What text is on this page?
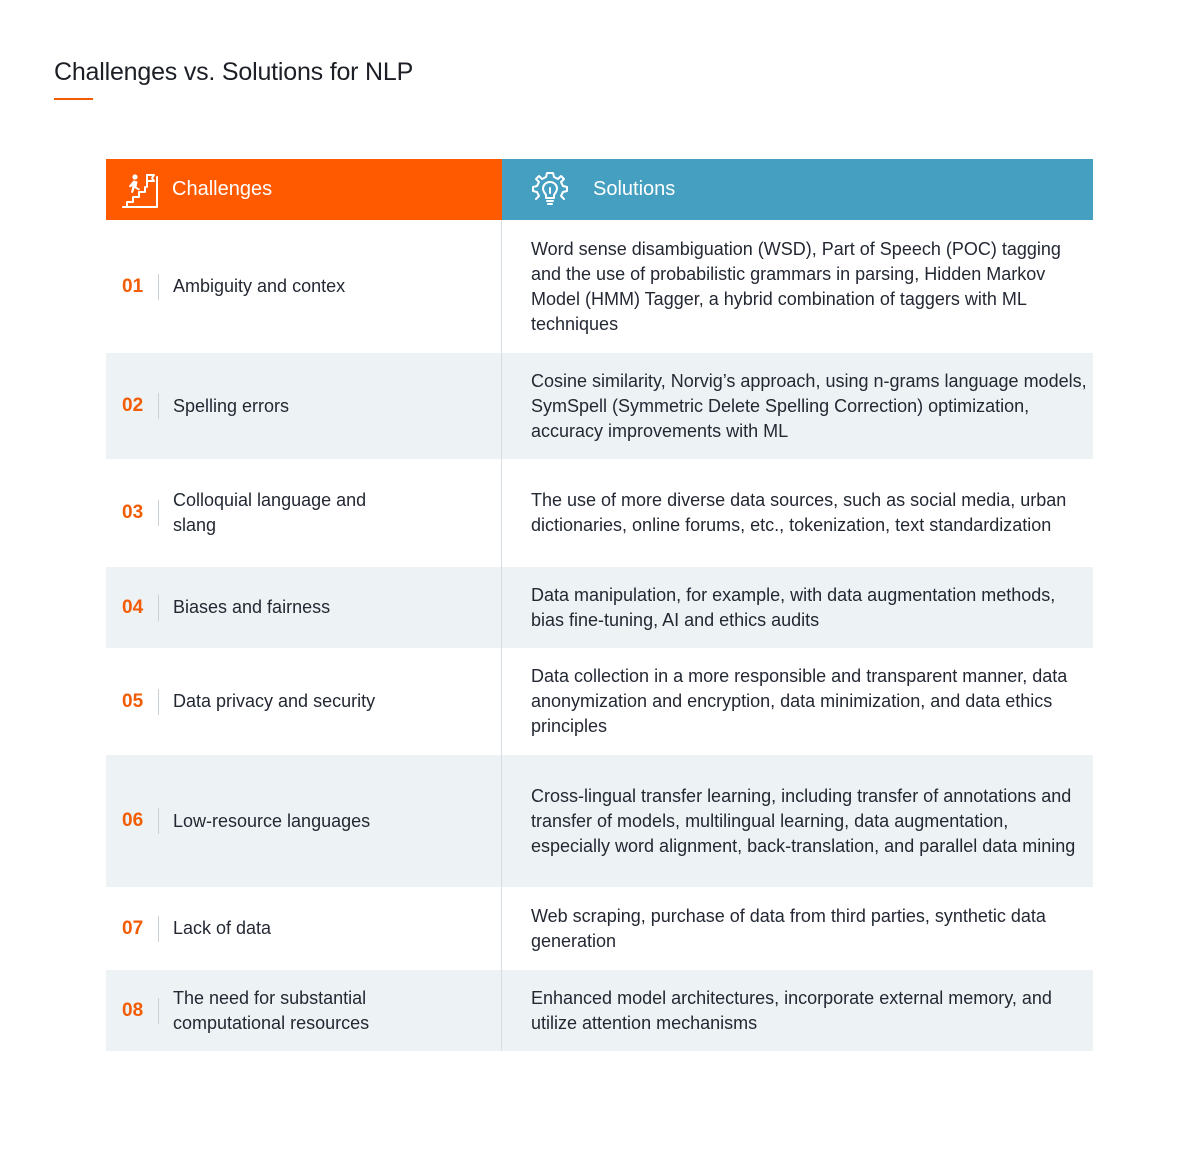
Challenges vs. Solutions for NLP
Challenges	Solutions
01	Ambiguity and contex
Word sense disambiguation (WSD), Part of Speech (POC) tagging and the use of probabilistic grammars in parsing, Hidden Markov Model (HMM) Tagger, a hybrid combination of taggers with ML techniques
02	Spelling errors
Cosine similarity, Norvig’s approach, using n-grams language models, SymSpell (Symmetric Delete Spelling Correction) optimization, accuracy improvements with ML
03
Colloquial language and slang
The use of more diverse data sources, such as social media, urban dictionaries, online forums, etc., tokenization, text standardization
04	Biases and fairness
Data manipulation, for example, with data augmentation methods, bias fine-tuning, AI and ethics audits
05	Data privacy and security
Data collection in a more responsible and transparent manner, data anonymization and encryption, data minimization, and data ethics principles
06	Low-resource languages
Cross-lingual transfer learning, including transfer of annotations and transfer of models, multilingual learning, data augmentation, especially word alignment, back-translation, and parallel data mining
07	Lack of data
Web scraping, purchase of data from third parties, synthetic data generation
08
The need for substantial computational resources
Enhanced model architectures, incorporate external memory, and utilize attention mechanisms
